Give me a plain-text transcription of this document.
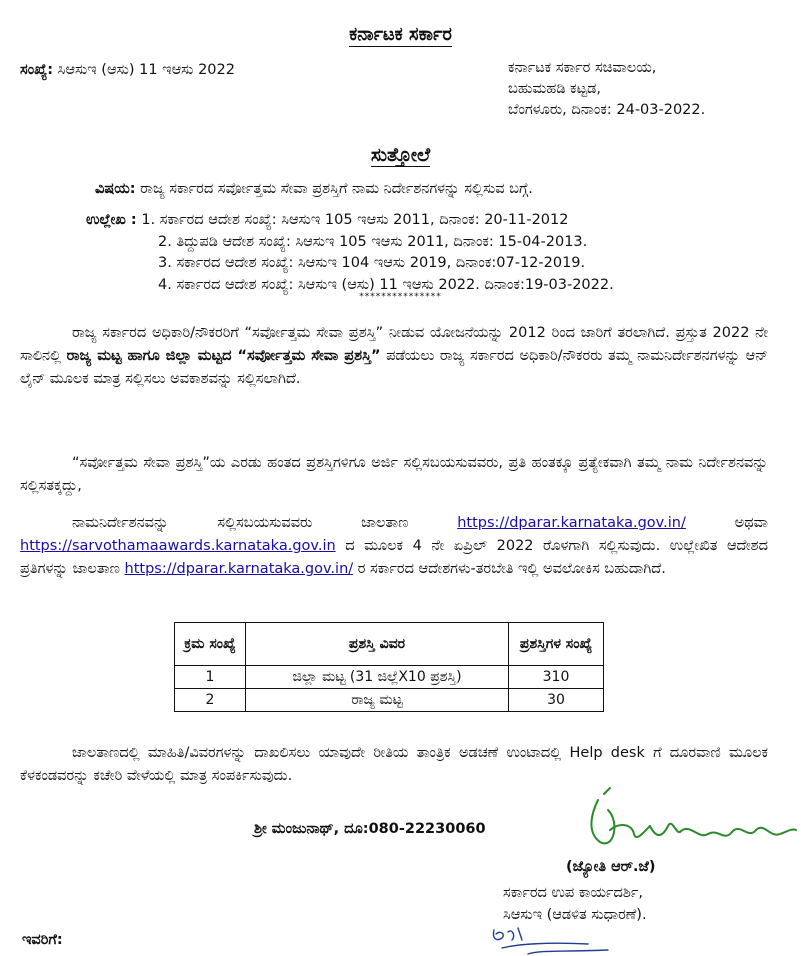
ಕರ್ನಾಟಕ ಸರ್ಕಾರ
ಸಂಖ್ಯೆ: ಸಿಆಸುಇ (ಆಸು) 11 ಇಆಸು 2022	ಕರ್ನಾಟಕ ಸರ್ಕಾರ ಸಚಿವಾಲಯ,
ಬಹುಮಹಡಿ ಕಟ್ಟಡ,
ಬೆಂಗಳೂರು, ದಿನಾಂಕ: 24-03-2022.
ಸುತ್ತೋಲೆ
ವಿಷಯ: ರಾಜ್ಯ ಸರ್ಕಾರದ ಸರ್ವೋತ್ತಮ ಸೇವಾ ಪ್ರಶಸ್ತಿಗೆ ನಾಮ ನಿರ್ದೇಶನಗಳನ್ನು ಸಲ್ಲಿಸುವ ಬಗ್ಗೆ.
ಉಲ್ಲೇಖ : 1. ಸರ್ಕಾರದ ಆದೇಶ ಸಂಖ್ಯೆ: ಸಿಆಸುಇ 105 ಇಆಸು 2011, ದಿನಾಂಕ: 20-11-2012
2. ತಿದ್ದುಪಡಿ ಆದೇಶ ಸಂಖ್ಯೆ: ಸಿಆಸುಇ 105 ಇಆಸು 2011, ದಿನಾಂಕ: 15-04-2013.
3. ಸರ್ಕಾರದ ಆದೇಶ ಸಂಖ್ಯೆ: ಸಿಆಸುಇ 104 ಇಆಸು 2019, ದಿನಾಂಕ:07-12-2019.
4. ಸರ್ಕಾರದ ಆದೇಶ ಸಂಖ್ಯೆ: ಸಿಆಸುಇ (ಆಸು) 11 ಇಆಸು 2022. ದಿನಾಂಕ:19-03-2022.
***************
ರಾಜ್ಯ ಸರ್ಕಾರದ ಅಧಿಕಾರಿ/ನೌಕರರಿಗೆ “ಸರ್ವೋತ್ತಮ ಸೇವಾ ಪ್ರಶಸ್ತಿ” ನೀಡುವ ಯೋಜನೆಯನ್ನು 2012 ರಿಂದ ಜಾರಿಗೆ ತರಲಾಗಿದೆ. ಪ್ರಸ್ತುತ 2022 ನೇ ಸಾಲಿನಲ್ಲಿ ರಾಜ್ಯ ಮಟ್ಟ ಹಾಗೂ ಜಿಲ್ಲಾ ಮಟ್ಟದ “ಸರ್ವೋತ್ತಮ ಸೇವಾ ಪ್ರಶಸ್ತಿ” ಪಡೆಯಲು ರಾಜ್ಯ ಸರ್ಕಾರದ ಅಧಿಕಾರಿ/ನೌಕರರು ತಮ್ಮ ನಾಮನಿರ್ದೇಶನಗಳನ್ನು ಆನ್ ಲೈನ್ ಮೂಲಕ ಮಾತ್ರ ಸಲ್ಲಿಸಲು ಅವಕಾಶವನ್ನು ಸಲ್ಲಿಸಲಾಗಿದೆ.
“ಸರ್ವೋತ್ತಮ ಸೇವಾ ಪ್ರಶಸ್ತಿ”ಯ ಎರಡು ಹಂತದ ಪ್ರಶಸ್ತಿಗಳಿಗೂ ಅರ್ಜಿ ಸಲ್ಲಿಸಬಯಸುವವರು, ಪ್ರತಿ ಹಂತಕ್ಕೂ ಪ್ರತ್ಯೇಕವಾಗಿ ತಮ್ಮ ನಾಮ ನಿರ್ದೇಶನವನ್ನು ಸಲ್ಲಿಸತಕ್ಕದ್ದು,
ನಾಮನಿರ್ದೇಶನವನ್ನು ಸಲ್ಲಿಸಬಯಸುವವರು ಜಾಲತಾಣ https://dparar.karnataka.gov.in/ ಅಥವಾ https://sarvothamaawards.karnataka.gov.in ದ ಮೂಲಕ 4 ನೇ ಏಪ್ರಿಲ್ 2022 ರೊಳಗಾಗಿ ಸಲ್ಲಿಸುವುದು. ಉಲ್ಲೇಖಿತ ಆದೇಶದ ಪ್ರತಿಗಳನ್ನು ಜಾಲತಾಣ https://dparar.karnataka.gov.in/ ರ ಸರ್ಕಾರದ ಆದೇಶಗಳು-ತರಬೇತಿ ಇಲ್ಲಿ ಅವಲೋಕಿಸ ಬಹುದಾಗಿದೆ.
ಕ್ರಮ ಸಂಖ್ಯೆ	ಪ್ರಶಸ್ತಿ ವಿವರ	ಪ್ರಶಸ್ತಿಗಳ ಸಂಖ್ಯೆ
1	ಜಿಲ್ಲಾ ಮಟ್ಟ (31 ಜಿಲ್ಲೆX10 ಪ್ರಶಸ್ತಿ)	310
2	ರಾಜ್ಯ ಮಟ್ಟ	30
ಜಾಲತಾಣದಲ್ಲಿ ಮಾಹಿತಿ/ವಿವರಗಳನ್ನು ದಾಖಲಿಸಲು ಯಾವುದೇ ರೀತಿಯ ತಾಂತ್ರಿಕ ಅಡಚಣೆ ಉಂಟಾದಲ್ಲಿ Help desk ಗೆ ದೂರವಾಣಿ ಮೂಲಕ ಕೆಳಕಂಡವರನ್ನು ಕಚೇರಿ ವೇಳೆಯಲ್ಲಿ ಮಾತ್ರ ಸಂಪರ್ಕಿಸುವುದು.
ಶ್ರೀ ಮಂಜುನಾಥ್, ದೂ:080-22230060
(ಜ್ಯೋತಿ ಆರ್.ಜೆ)
ಸರ್ಕಾರದ ಉಪ ಕಾರ್ಯದರ್ಶಿ,
ಸಿಆಸುಇ (ಆಡಳಿತ ಸುಧಾರಣೆ).
ಇವರಿಗೆ:
